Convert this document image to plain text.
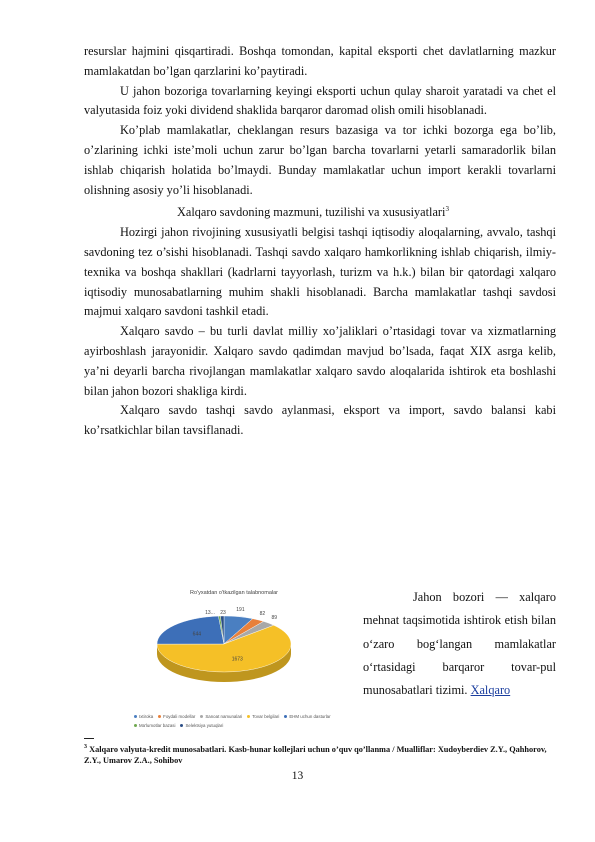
resurslar hajmini qisqartiradi. Boshqa tomondan, kapital eksporti chet davlatlarning mazkur mamlakatdan bo’lgan qarzlarini ko’paytiradi.

U jahon bozoriga tovarlarning keyingi eksporti uchun qulay sharoit yaratadi va chet el valyutasida foiz yoki dividend shaklida barqaror daromad olish omili hisoblanadi.

Ko’plab mamlakatlar, cheklangan resurs bazasiga va tor ichki bozorga ega bo’lib, o’zlarining ichki iste’moli uchun zarur bo’lgan barcha tovarlarni yetarli samaradorlik bilan ishlab chiqarish holatida bo’lmaydi. Bunday mamlakatlar uchun import kerakli tovarlarni olishning asosiy yo’li hisoblanadi.

Xalqaro savdoning mazmuni, tuzilishi va xususiyatlari$^3$

Hozirgi jahon rivojining xususiyatli belgisi tashqi iqtisodiy aloqalarning, avvalo, tashqi savdoning tez o’sishi hisoblanadi. Tashqi savdo xalqaro hamkorlikning ishlab chiqarish, ilmiy-texnika va boshqa shakllari (kadrlarni tayyorlash, turizm va h.k.) bilan bir qatordagi xalqaro iqtisodiy munosabatlarning muhim shakli hisoblanadi. Barcha mamlakatlar tashqi savdosi majmui xalqaro savdoni tashkil etadi.

Xalqaro savdo – bu turli davlat milliy xo’jaliklari o’rtasidagi tovar va xizmatlarning ayirboshlash jarayonidir. Xalqaro savdo qadimdan mavjud bo’lsada, faqat XIX asrga kelib, ya’ni deyarli barcha rivojlangan mamlakatlar xalqaro savdo aloqalarida ishtirok eta boshlashi bilan jahon bozori shakliga kirdi.

Xalqaro savdo tashqi savdo aylanmasi, eksport va import, savdo balansi kabi ko’rsatkichlar bilan tavsiflanadi.

Ro'yxatdan o'tkazilgan talabnomalar
191
82
89
1673
644
13... 23
Ixtiroka Foydali modellar Sanoat namunalari Tovar belgilari EHM uchun dasturlarMa'lumotlar bazasi Selektsiya yutuqlari

Jahon bozori — xalqaro mehnat taqsimotida ishtirok etish bilan o‘zaro bog‘langan mamlakatlar o‘rtasidagi barqaror tovar-pul munosabatlari tizimi. Xalqaro

$^3$ Xalqaro valyuta-kredit munosabatlari. Kasb-hunar kollejlari uchun o’quv qo’llanma / Mualliflar: Xudoyberdiev Z.Y., Qahhorov, Z.Y., Umarov Z.A., Sohibov
13
